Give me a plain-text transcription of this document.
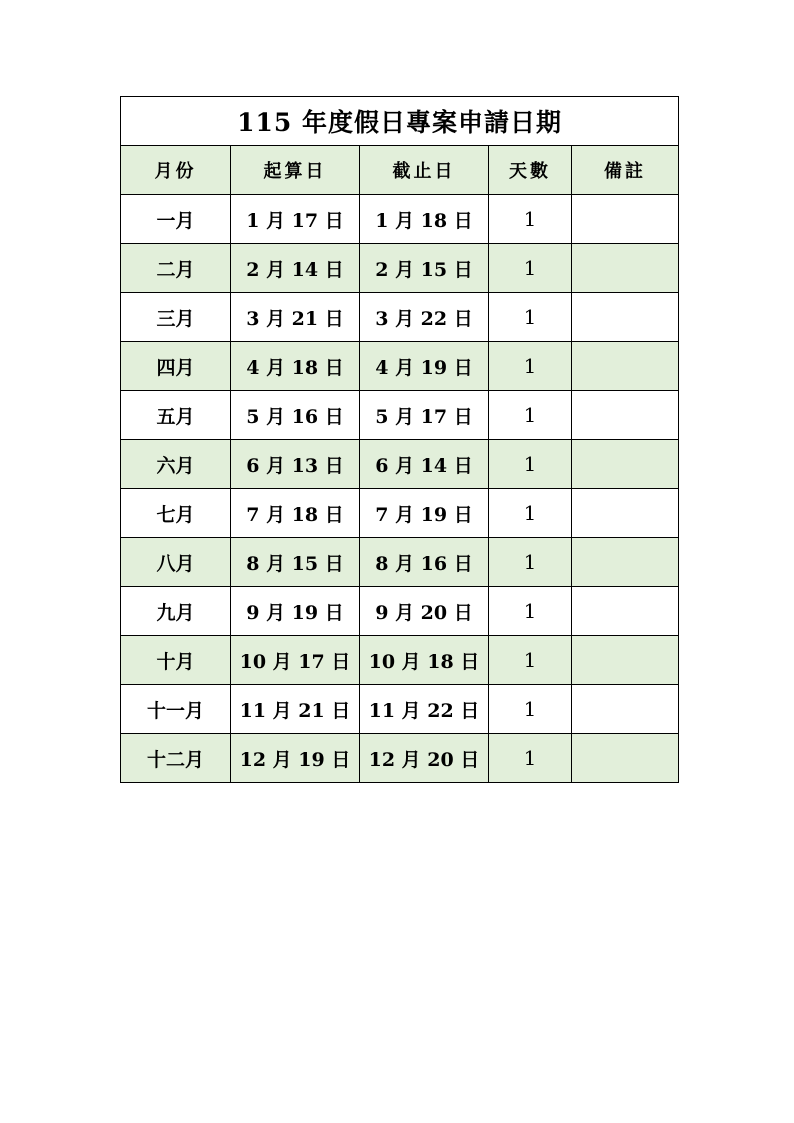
115 年度假日專案申請日期				
月份	起算日	截止日	天數	備註
一月	1 月 17 日	1 月 18 日	1	
二月	2 月 14 日	2 月 15 日	1	
三月	3 月 21 日	3 月 22 日	1	
四月	4 月 18 日	4 月 19 日	1	
五月	5 月 16 日	5 月 17 日	1	
六月	6 月 13 日	6 月 14 日	1	
七月	7 月 18 日	7 月 19 日	1	
八月	8 月 15 日	8 月 16 日	1	
九月	9 月 19 日	9 月 20 日	1	
十月	10 月 17 日	10 月 18 日	1	
十一月	11 月 21 日	11 月 22 日	1	
十二月	12 月 19 日	12 月 20 日	1	
